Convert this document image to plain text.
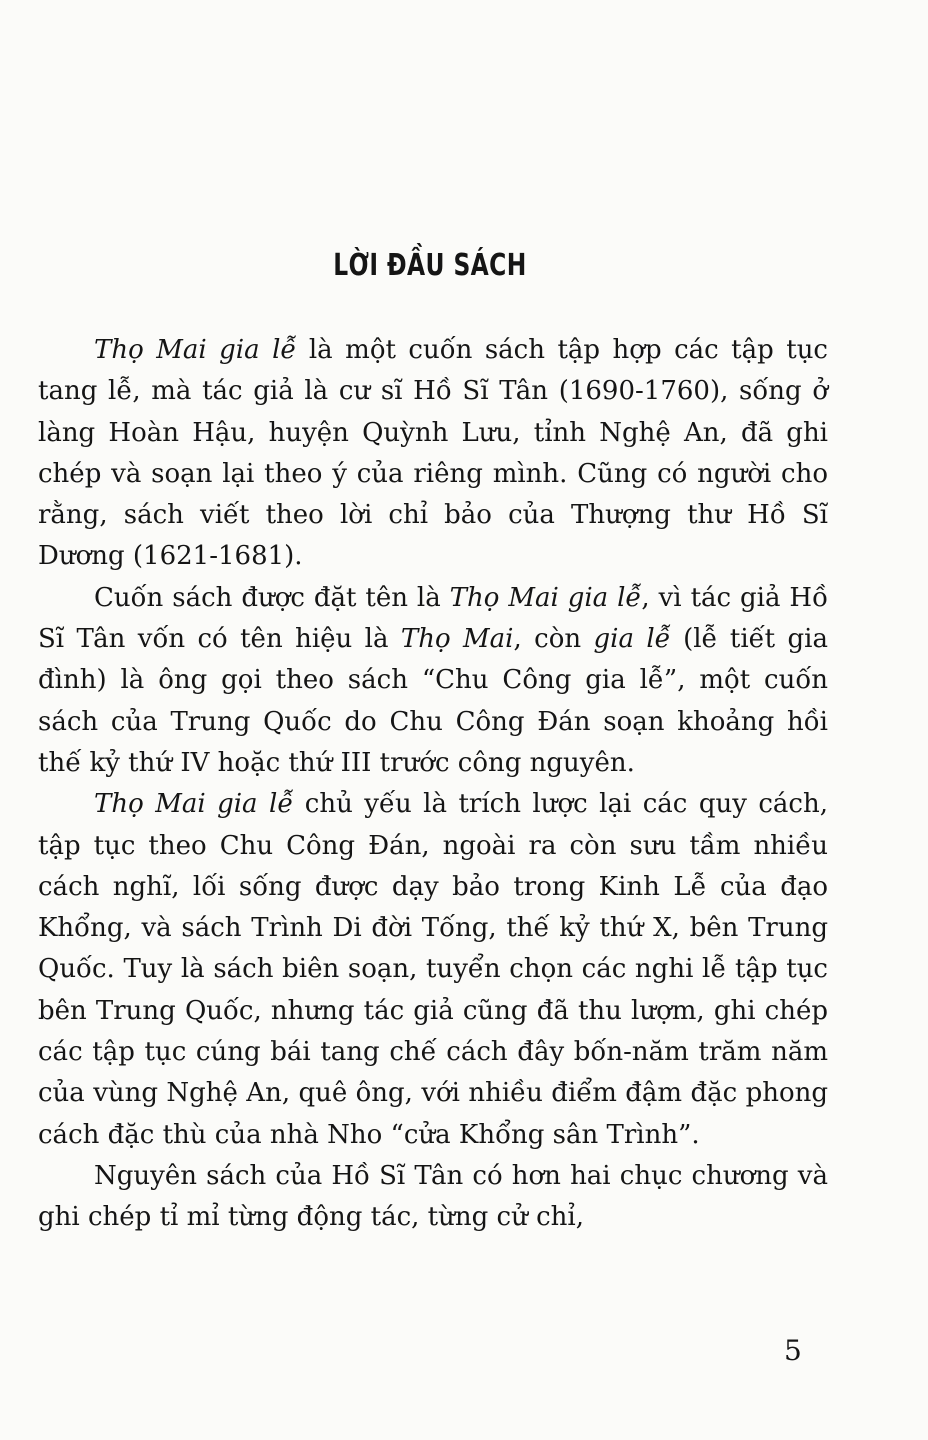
LỜI ĐẦU SÁCH

Thọ Mai gia lễ là một cuốn sách tập hợp các tập tục tang lễ, mà tác giả là cư sĩ Hồ Sĩ Tân (1690-1760), sống ở làng Hoàn Hậu, huyện Quỳnh Lưu, tỉnh Nghệ An, đã ghi chép và soạn lại theo ý của riêng mình. Cũng có người cho rằng, sách viết theo lời chỉ bảo của Thượng thư Hồ Sĩ Dương (1621-1681).

Cuốn sách được đặt tên là Thọ Mai gia lễ, vì tác giả Hồ Sĩ Tân vốn có tên hiệu là Thọ Mai, còn gia lễ (lễ tiết gia đình) là ông gọi theo sách “Chu Công gia lễ”, một cuốn sách của Trung Quốc do Chu Công Đán soạn khoảng hồi thế kỷ thứ IV hoặc thứ III trước công nguyên.

Thọ Mai gia lễ chủ yếu là trích lược lại các quy cách, tập tục theo Chu Công Đán, ngoài ra còn sưu tầm nhiều cách nghĩ, lối sống được dạy bảo trong Kinh Lễ của đạo Khổng, và sách Trình Di đời Tống, thế kỷ thứ X, bên Trung Quốc. Tuy là sách biên soạn, tuyển chọn các nghi lễ tập tục bên Trung Quốc, nhưng tác giả cũng đã thu lượm, ghi chép các tập tục cúng bái tang chế cách đây bốn-năm trăm năm của vùng Nghệ An, quê ông, với nhiều điểm đậm đặc phong cách đặc thù của nhà Nho “cửa Khổng sân Trình”.

Nguyên sách của Hồ Sĩ Tân có hơn hai chục chương và ghi chép tỉ mỉ từng động tác, từng cử chỉ,

5
